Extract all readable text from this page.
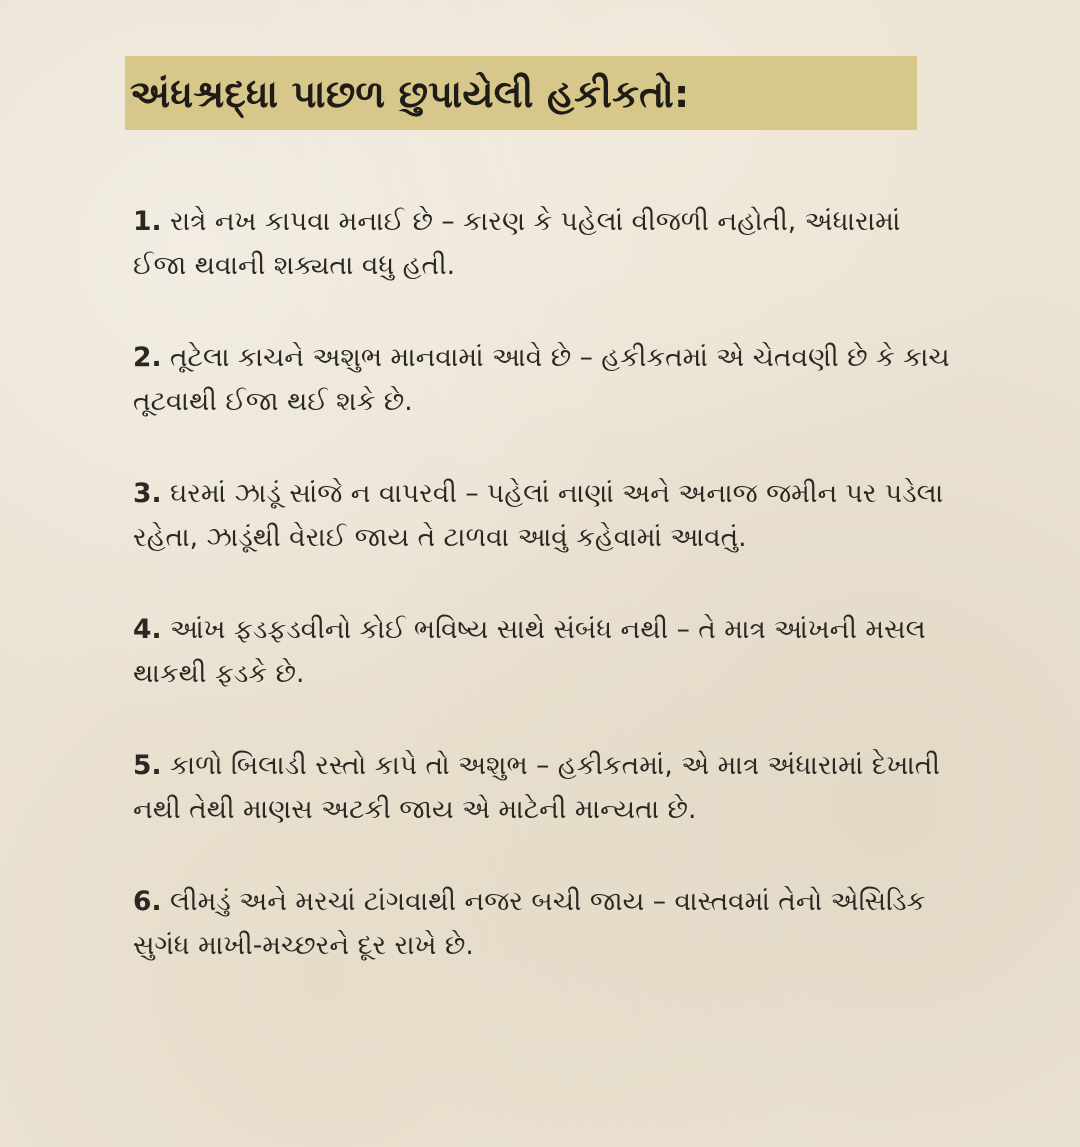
અંધશ્રદ્ધા પાછળ છુપાયેલી હકીકતો:
1. રાત્રે નખ કાપવા મનાઈ છે – કારણ કે પહેલાં વીજળી નહોતી, અંધારામાં ઈજા થવાની શક્યતા વધુ હતી.
2. તૂટેલા કાચને અશુભ માનવામાં આવે છે – હકીકતમાં એ ચેતવણી છે કે કાચ તૂટવાથી ઈજા થઈ શકે છે.
3. ઘરમાં ઝાડૂં સાંજે ન વાપરવી – પહેલાં નાણાં અને અનાજ જમીન પર પડેલા રહેતા, ઝાડૂંથી વેરાઈ જાય તે ટાળવા આવું કહેવામાં આવતું.
4. આંખ ફડફડવીનો કોઈ ભવિષ્ય સાથે સંબંધ નથી – તે માત્ર આંખની મસલ થાકથી ફડકે છે.
5. કાળો બિલાડી રસ્તો કાપે તો અશુભ – હકીકતમાં, એ માત્ર અંધારામાં દેખાતી નથી તેથી માણસ અટકી જાય એ માટેની માન્યતા છે.
6. લીમડું અને મરચાં ટાંગવાથી નજર બચી જાય – વાસ્તવમાં તેનો એસિડિક સુગંધ માખી-મચ્છરને દૂર રાખે છે.
